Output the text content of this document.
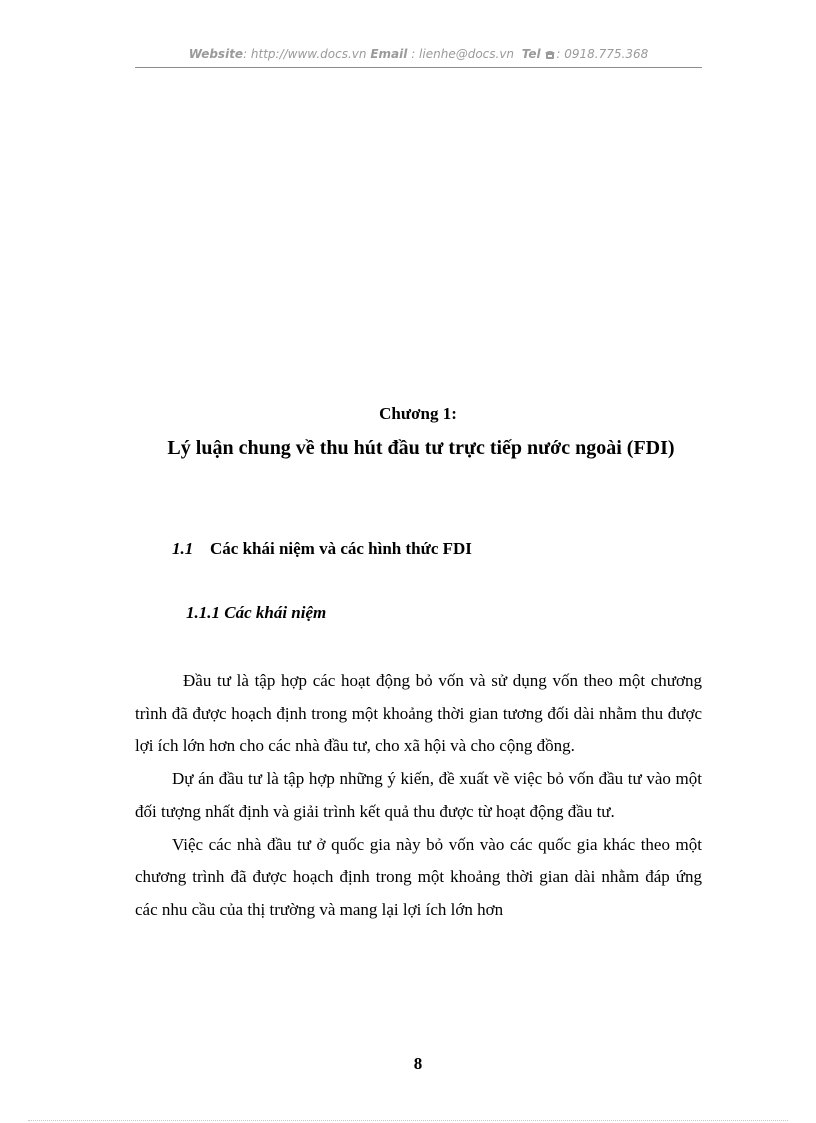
Website: http://www.docs.vn Email : lienhe@docs.vn Tel : 0918.775.368
Chương 1:
Lý luận chung về thu hút đầu tư trực tiếp nước ngoài (FDI)
1.1 Các khái niệm và các hình thức FDI
1.1.1 Các khái niệm

Đầu tư là tập hợp các hoạt động bỏ vốn và sử dụng vốn theo một chương trình đã được hoạch định trong một khoảng thời gian tương đối dài nhằm thu được lợi ích lớn hơn cho các nhà đầu tư, cho xã hội và cho cộng đồng.

Dự án đầu tư là tập hợp những ý kiến, đề xuất về việc bỏ vốn đầu tư vào một đối tượng nhất định và giải trình kết quả thu được từ hoạt động đầu tư.

Việc các nhà đầu tư ở quốc gia này bỏ vốn vào các quốc gia khác theo một chương trình đã được hoạch định trong một khoảng thời gian dài nhằm đáp ứng các nhu cầu của thị trường và mang lại lợi ích lớn hơn

8
